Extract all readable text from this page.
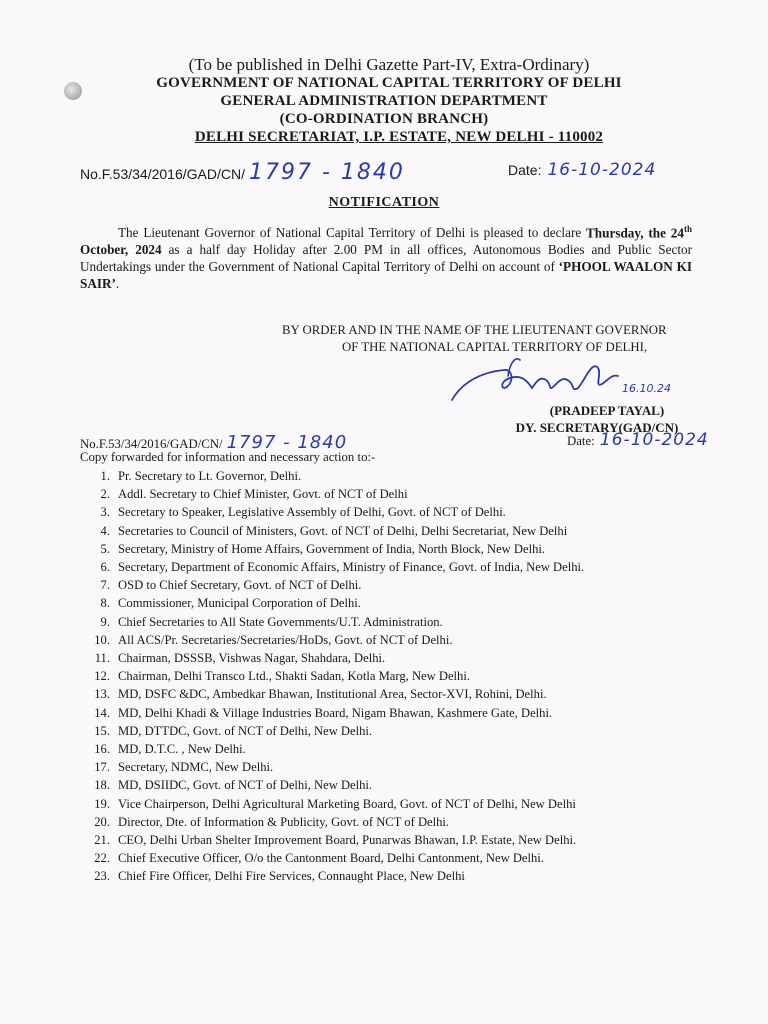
(To be published in Delhi Gazette Part-IV, Extra-Ordinary)
GOVERNMENT OF NATIONAL CAPITAL TERRITORY OF DELHI
GENERAL ADMINISTRATION DEPARTMENT
(CO-ORDINATION BRANCH)
DELHI SECRETARIAT, I.P. ESTATE, NEW DELHI - 110002
No.F.53/34/2016/GAD/CN/ 1797 - 1840	Date: 16-10-2024
NOTIFICATION
The Lieutenant Governor of National Capital Territory of Delhi is pleased to declare Thursday, the 24th October, 2024 as a half day Holiday after 2.00 PM in all offices, Autonomous Bodies and Public Sector Undertakings under the Government of National Capital Territory of Delhi on account of ‘PHOOL WAALON KI SAIR’.
BY ORDER AND IN THE NAME OF THE LIEUTENANT GOVERNOR
OF THE NATIONAL CAPITAL TERRITORY OF DELHI,
16.10.24
(PRADEEP TAYAL)
DY. SECRETARY(GAD/CN)
No.F.53/34/2016/GAD/CN/ 1797 - 1840	Date: 16-10-2024
Copy forwarded for information and necessary action to:-
1. Pr. Secretary to Lt. Governor, Delhi.
2. Addl. Secretary to Chief Minister, Govt. of NCT of Delhi
3. Secretary to Speaker, Legislative Assembly of Delhi, Govt. of NCT of Delhi.
4. Secretaries to Council of Ministers, Govt. of NCT of Delhi, Delhi Secretariat, New Delhi
5. Secretary, Ministry of Home Affairs, Government of India, North Block, New Delhi.
6. Secretary, Department of Economic Affairs, Ministry of Finance, Govt. of India, New Delhi.
7. OSD to Chief Secretary, Govt. of NCT of Delhi.
8. Commissioner, Municipal Corporation of Delhi.
9. Chief Secretaries to All State Governments/U.T. Administration.
10. All ACS/Pr. Secretaries/Secretaries/HoDs, Govt. of NCT of Delhi.
11. Chairman, DSSSB, Vishwas Nagar, Shahdara, Delhi.
12. Chairman, Delhi Transco Ltd., Shakti Sadan, Kotla Marg, New Delhi.
13. MD, DSFC &DC, Ambedkar Bhawan, Institutional Area, Sector-XVI, Rohini, Delhi.
14. MD, Delhi Khadi & Village Industries Board, Nigam Bhawan, Kashmere Gate, Delhi.
15. MD, DTTDC, Govt. of NCT of Delhi, New Delhi.
16. MD, D.T.C. , New Delhi.
17. Secretary, NDMC, New Delhi.
18. MD, DSIIDC, Govt. of NCT of Delhi, New Delhi.
19. Vice Chairperson, Delhi Agricultural Marketing Board, Govt. of NCT of Delhi, New Delhi
20. Director, Dte. of Information & Publicity, Govt. of NCT of Delhi.
21. CEO, Delhi Urban Shelter Improvement Board, Punarwas Bhawan, I.P. Estate, New Delhi.
22. Chief Executive Officer, O/o the Cantonment Board, Delhi Cantonment, New Delhi.
23. Chief Fire Officer, Delhi Fire Services, Connaught Place, New Delhi
